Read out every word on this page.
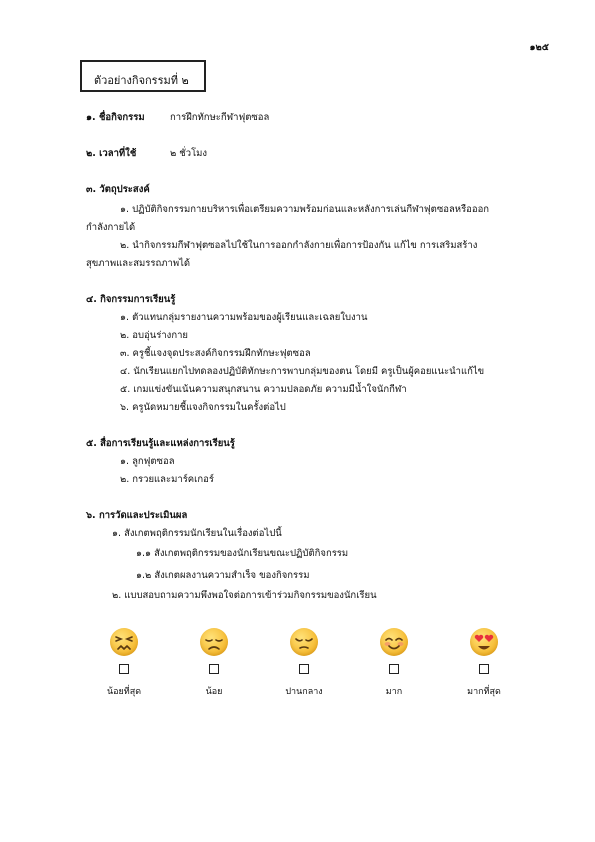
๑๒๕
ตัวอย่างกิจกรรมที่ ๒
๑. ชื่อกิจกรรม	การฝึกทักษะกีฬาฟุตซอล
๒. เวลาที่ใช้	๒ ชั่วโมง
๓. วัตถุประสงค์
๑. ปฏิบัติกิจกรรมกายบริหารเพื่อเตรียมความพร้อมก่อนและหลังการเล่นกีฬาฟุตซอลหรือออก
กำลังกายได้
๒. นำกิจกรรมกีฬาฟุตซอลไปใช้ในการออกกำลังกายเพื่อการป้องกัน แก้ไข การเสริมสร้าง
สุขภาพและสมรรถภาพได้
๔. กิจกรรมการเรียนรู้
๑. ตัวแทนกลุ่มรายงานความพร้อมของผู้เรียนและเฉลยใบงาน
๒. อบอุ่นร่างกาย
๓. ครูชี้แจงจุดประสงค์กิจกรรมฝึกทักษะฟุตซอล
๔. นักเรียนแยกไปทดลองปฏิบัติทักษะการพาบกลุ่มของตน โดยมี ครูเป็นผู้คอยแนะนำแก้ไข
๕. เกมแข่งขันเน้นความสนุกสนาน ความปลอดภัย ความมีน้ำใจนักกีฬา
๖. ครูนัดหมายชี้แจงกิจกรรมในครั้งต่อไป
๕. สื่อการเรียนรู้และแหล่งการเรียนรู้
๑. ลูกฟุตซอล
๒. กรวยและมาร์คเกอร์
๖. การวัดและประเมินผล
๑. สังเกตพฤติกรรมนักเรียนในเรื่องต่อไปนี้
๑.๑ สังเกตพฤติกรรมของนักเรียนขณะปฏิบัติกิจกรรม
๑.๒ สังเกตผลงานความสำเร็จ ของกิจกรรม
๒. แบบสอบถามความพึงพอใจต่อการเข้าร่วมกิจกรรมของนักเรียน
น้อยที่สุด	น้อย	ปานกลาง	มาก	มากที่สุด
